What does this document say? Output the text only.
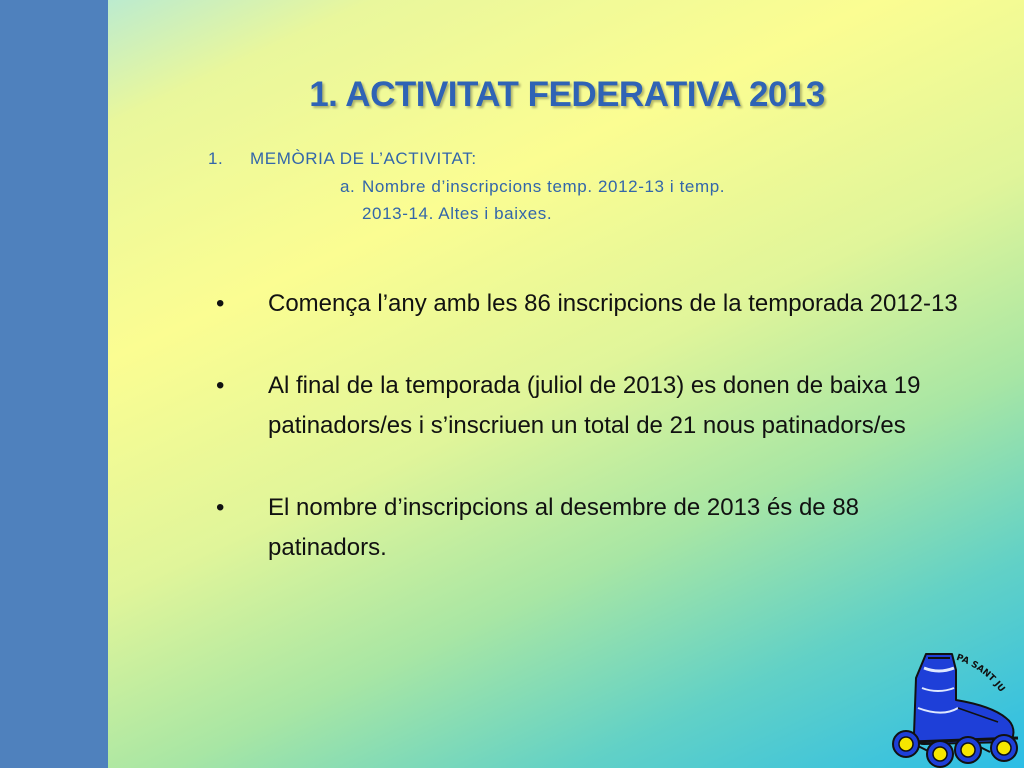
1. ACTIVITAT FEDERATIVA 2013
1. MEMÒRIA DE L’ACTIVITAT:
a. Nombre d’inscripcions temp. 2012-13 i temp.
2013-14. Altes i baixes.
• Comença l’any amb les 86 inscripcions de la temporada 2012-13
• Al final de la temporada (juliol de 2013) es donen de baixa 19 patinadors/es i s’inscriuen un total de 21 nous patinadors/es
• El nombre d’inscripcions al desembre de 2013 és de 88 patinadors.
PA SANT JUST
